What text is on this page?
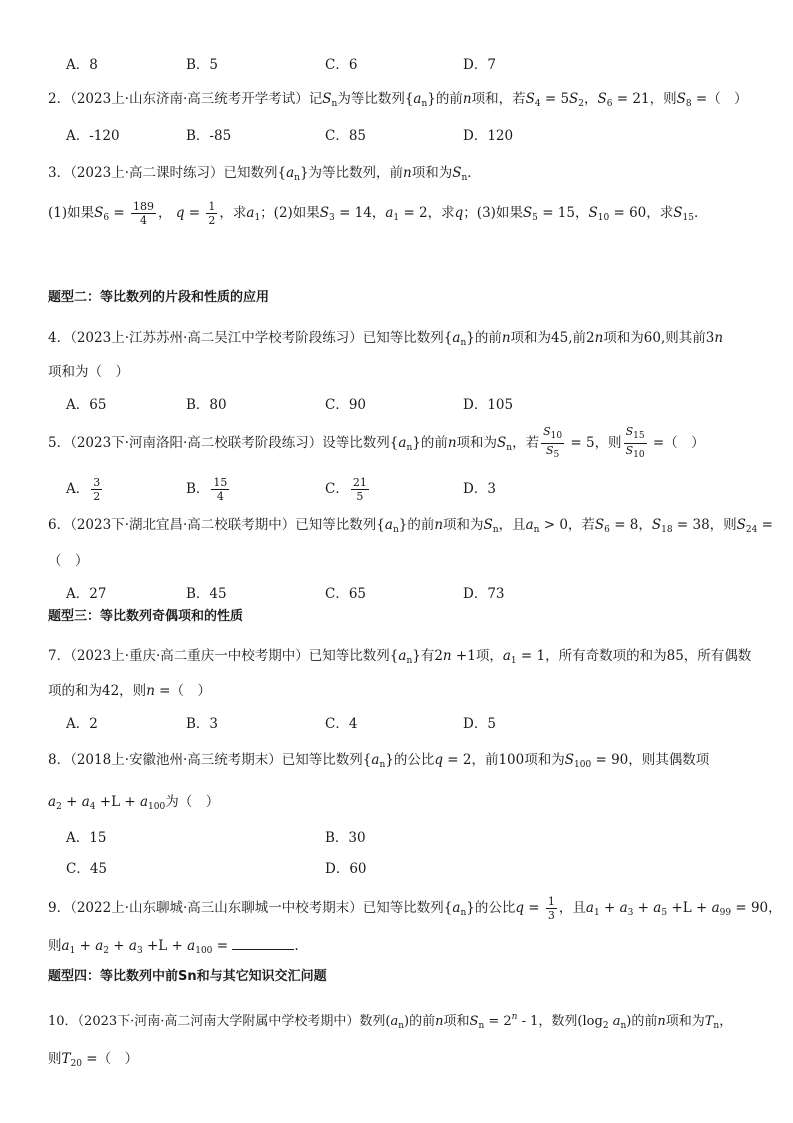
A．8	B．5	C．6	D．7
2．（2023上·山东济南·高三统考开学考试）记$S_n$为等比数列$\{a_n\}$的前n项和，若$S_4 = 5S_2$，$S_6 = 21$，则$S_8$ =（　）
A．-120	B．-85	C．85	D．120
3．（2023上·高二课时练习）已知数列$\{a_n\}$为等比数列，前n项和为$S_n$．
(1)如果$S_6 = \frac{189}{4}$ ， $q = \frac{1}{2}$ ，求$a_1$；(2)如果$S_3 = 14$，$a_1 = 2$，求q；(3)如果$S_5 = 15$，$S_{10} = 60$，求$S_{15}$．
题型二：等比数列的片段和性质的应用
4．（2023上·江苏苏州·高二吴江中学校考阶段练习）已知等比数列$\{a_n\}$的前n项和为45,前2n项和为60,则其前3n
项和为（　）
A．65	B．80	C．90	D．105
5．（2023下·河南洛阳·高二校联考阶段练习）设等比数列$\{a_n\}$的前n项和为$S_n$，若 $\frac{S_{10}}{S_5} = 5$，则 $\frac{S_{15}}{S_{10}}$ =（　）
A． $\frac{3}{2}$	B． $\frac{15}{4}$	C． $\frac{21}{5}$	D．3
6．（2023下·湖北宜昌·高二校联考期中）已知等比数列$\{a_n\}$的前n项和为$S_n$，且$a_n > 0$，若$S_6 = 8$，$S_{18} = 38$，则$S_{24}$ =
（　）
A．27	B．45	C．65	D．73
题型三：等比数列奇偶项和的性质
7．（2023上·重庆·高二重庆一中校考期中）已知等比数列$\{a_n\}$有2n +1项，$a_1 = 1$，所有奇数项的和为85，所有偶数
项的和为42，则n =（　）
A．2	B．3	C．4	D．5
8．（2018上·安徽池州·高三统考期末）已知等比数列$\{a_n\}$的公比q = 2，前100项和为$S_{100} = 90$，则其偶数项
$a_2 + a_4 +L + a_{100}$为（　）
A．15	B．30
C．45	D．60
9．（2022上·山东聊城·高三山东聊城一中校考期末）已知等比数列$\{a_n\}$的公比$q = \frac{1}{3}$ ，且$a_1 + a_3 + a_5 +L + a_{99} = 90$，
则$a_1 + a_2 + a_3 +L + a_{100}$ =	.
题型四：等比数列中前Sn和与其它知识交汇问题
10．（2023下·河南·高二河南大学附属中学校考期中）数列$(a_n)$的前n项和$S_n = 2^n - 1$，数列($\log_2$ $a_n$)的前n项和为$T_n$，
则$T_{20}$ =（　）
